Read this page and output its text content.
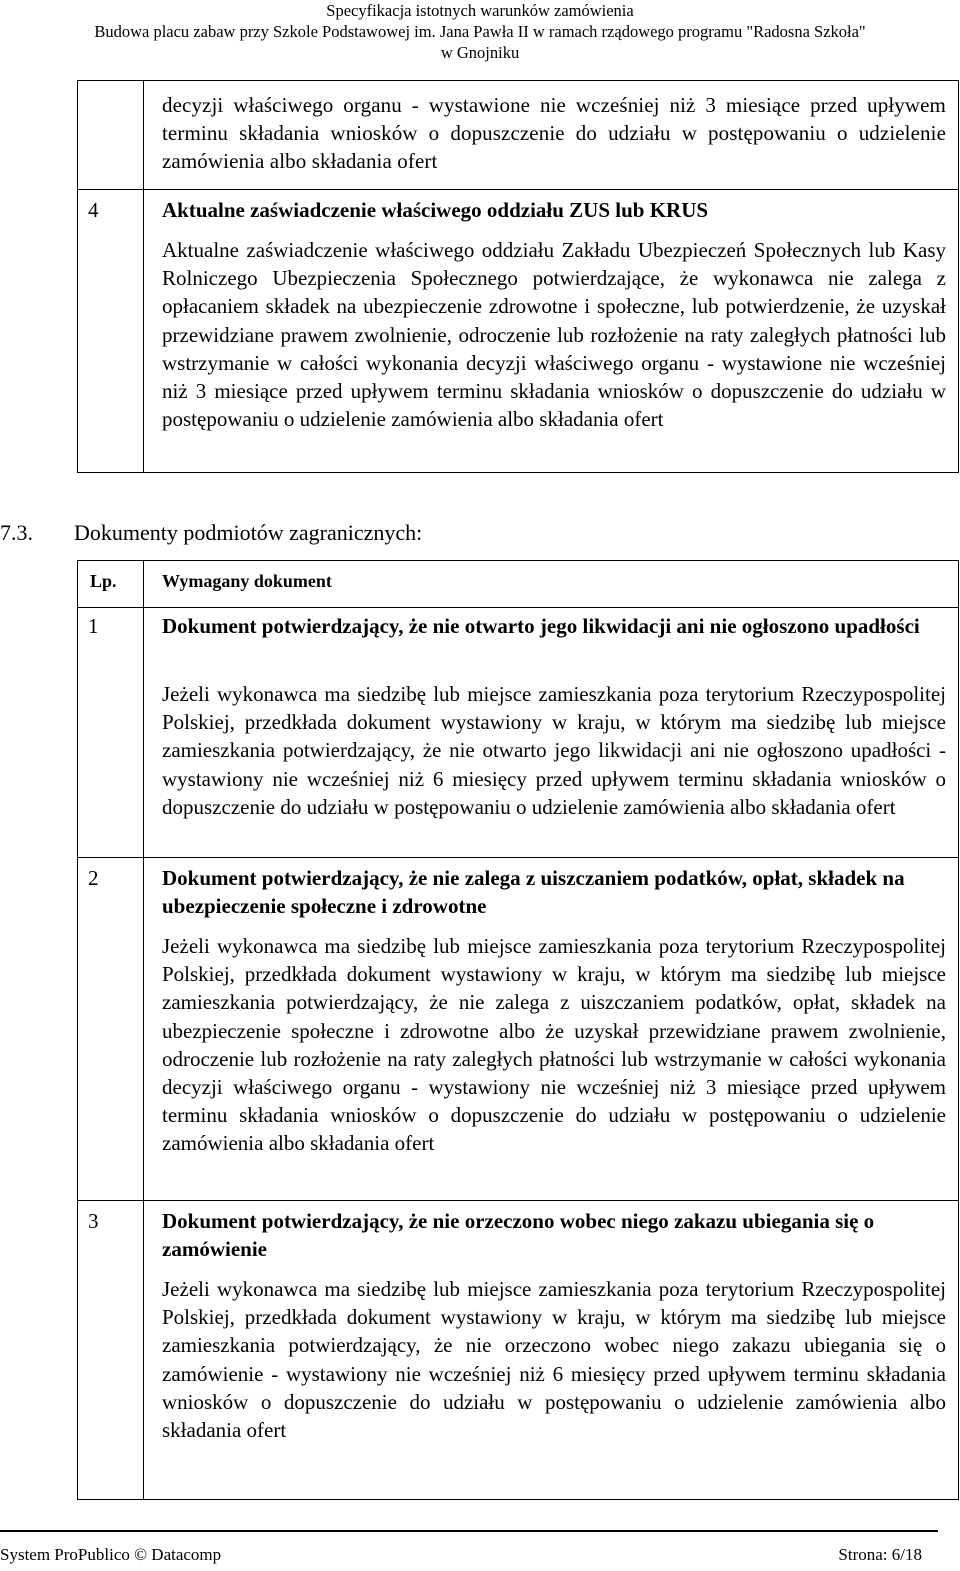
Specyfikacja istotnych warunków zamówienia
Budowa placu zabaw przy Szkole Podstawowej im. Jana Pawła II w ramach rządowego programu "Radosna Szkoła"
w Gnojniku
decyzji właściwego organu - wystawione nie wcześniej niż 3 miesiące przed upływem terminu składania wniosków o dopuszczenie do udziału w postępowaniu o udzielenie zamówienia albo składania ofert
4	Aktualne zaświadczenie właściwego oddziału ZUS lub KRUS
Aktualne zaświadczenie właściwego oddziału Zakładu Ubezpieczeń Społecznych lub Kasy Rolniczego Ubezpieczenia Społecznego potwierdzające, że wykonawca nie zalega z opłacaniem składek na ubezpieczenie zdrowotne i społeczne, lub potwierdzenie, że uzyskał przewidziane prawem zwolnienie, odroczenie lub rozłożenie na raty zaległych płatności lub wstrzymanie w całości wykonania decyzji właściwego organu - wystawione nie wcześniej niż 3 miesiące przed upływem terminu składania wniosków o dopuszczenie do udziału w postępowaniu o udzielenie zamówienia albo składania ofert
7.3. Dokumenty podmiotów zagranicznych:
Lp.	Wymagany dokument
1	Dokument potwierdzający, że nie otwarto jego likwidacji ani nie ogłoszono upadłości
Jeżeli wykonawca ma siedzibę lub miejsce zamieszkania poza terytorium Rzeczypospolitej Polskiej, przedkłada dokument wystawiony w kraju, w którym ma siedzibę lub miejsce zamieszkania potwierdzający, że nie otwarto jego likwidacji ani nie ogłoszono upadłości - wystawiony nie wcześniej niż 6 miesięcy przed upływem terminu składania wniosków o dopuszczenie do udziału w postępowaniu o udzielenie zamówienia albo składania ofert
2	Dokument potwierdzający, że nie zalega z uiszczaniem podatków, opłat, składek na ubezpieczenie społeczne i zdrowotne
Jeżeli wykonawca ma siedzibę lub miejsce zamieszkania poza terytorium Rzeczypospolitej Polskiej, przedkłada dokument wystawiony w kraju, w którym ma siedzibę lub miejsce zamieszkania potwierdzający, że nie zalega z uiszczaniem podatków, opłat, składek na ubezpieczenie społeczne i zdrowotne albo że uzyskał przewidziane prawem zwolnienie, odroczenie lub rozłożenie na raty zaległych płatności lub wstrzymanie w całości wykonania decyzji właściwego organu - wystawiony nie wcześniej niż 3 miesiące przed upływem terminu składania wniosków o dopuszczenie do udziału w postępowaniu o udzielenie zamówienia albo składania ofert
3	Dokument potwierdzający, że nie orzeczono wobec niego zakazu ubiegania się o zamówienie
Jeżeli wykonawca ma siedzibę lub miejsce zamieszkania poza terytorium Rzeczypospolitej Polskiej, przedkłada dokument wystawiony w kraju, w którym ma siedzibę lub miejsce zamieszkania potwierdzający, że nie orzeczono wobec niego zakazu ubiegania się o zamówienie - wystawiony nie wcześniej niż 6 miesięcy przed upływem terminu składania wniosków o dopuszczenie do udziału w postępowaniu o udzielenie zamówienia albo składania ofert
System ProPublico © Datacomp	Strona: 6/18
